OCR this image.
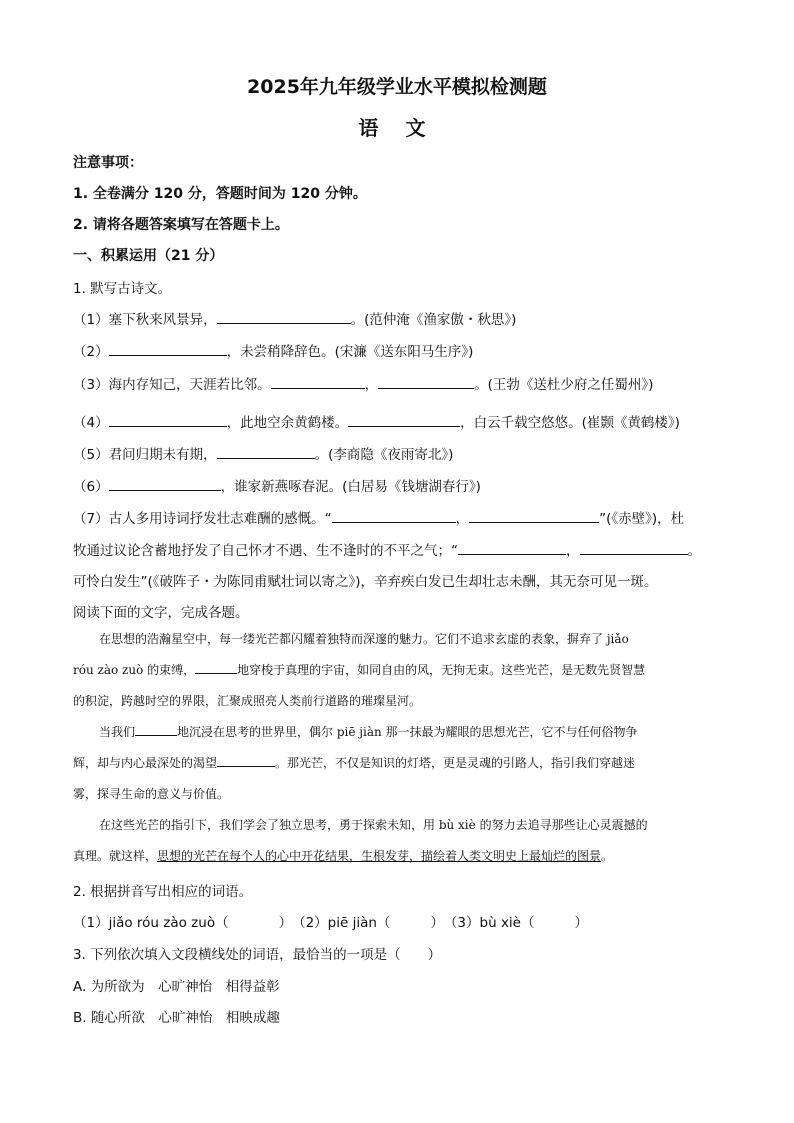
2025年九年级学业水平模拟检测题
语 文
注意事项：
1. 全卷满分 120 分，答题时间为 120 分钟。
2. 请将各题答案填写在答题卡上。
一、积累运用（21 分）
1. 默写古诗文。
（1）塞下秋来风景异，	。(范仲淹《渔家傲・秋思》)
（2）	，未尝稍降辞色。(宋濂《送东阳马生序》)
（3）海内存知己，天涯若比邻。	，	。(王勃《送杜少府之任蜀州》)
（4）	，此地空余黄鹤楼。	，白云千载空悠悠。(崔颢《黄鹤楼》)
（5）君问归期未有期，	。(李商隐《夜雨寄北》)
（6）	，谁家新燕啄春泥。(白居易《钱塘湖春行》)
（7）古人多用诗词抒发壮志难酬的感慨。“	，	”(《赤壁》)，杜
牧通过议论含蓄地抒发了自己怀才不遇、生不逢时的不平之气；“	，	。
可怜白发生”(《破阵子・为陈同甫赋壮词以寄之》)，辛弃疾白发已生却壮志未酬，其无奈可见一斑。
阅读下面的文字，完成各题。
在思想的浩瀚星空中，每一缕光芒都闪耀着独特而深邃的魅力。它们不追求玄虚的表象，摒弃了 jiǎo
róu zào zuò 的束缚，	地穿梭于真理的宇宙，如同自由的风，无拘无束。这些光芒，是无数先贤智慧
的积淀，跨越时空的界限，汇聚成照亮人类前行道路的璀璨星河。
当我们	地沉浸在思考的世界里，偶尔 piē jiàn 那一抹最为耀眼的思想光芒，它不与任何俗物争
辉，却与内心最深处的渴望	。那光芒，不仅是知识的灯塔，更是灵魂的引路人，指引我们穿越迷
雾，探寻生命的意义与价值。
在这些光芒的指引下，我们学会了独立思考，勇于探索未知，用 bù xiè 的努力去追寻那些让心灵震撼的
真理。就这样，思想的光芒在每个人的心中开花结果，生根发芽，描绘着人类文明史上最灿烂的图景。
2. 根据拼音写出相应的词语。
（1）jiǎo róu zào zuò（	）　（2）piē jiàn（	）　（3）bù xiè（	）
3. 下列依次填入文段横线处的词语，最恰当的一项是（　　）
A. 为所欲为　心旷神怡　相得益彰
B. 随心所欲　心旷神怡　相映成趣
